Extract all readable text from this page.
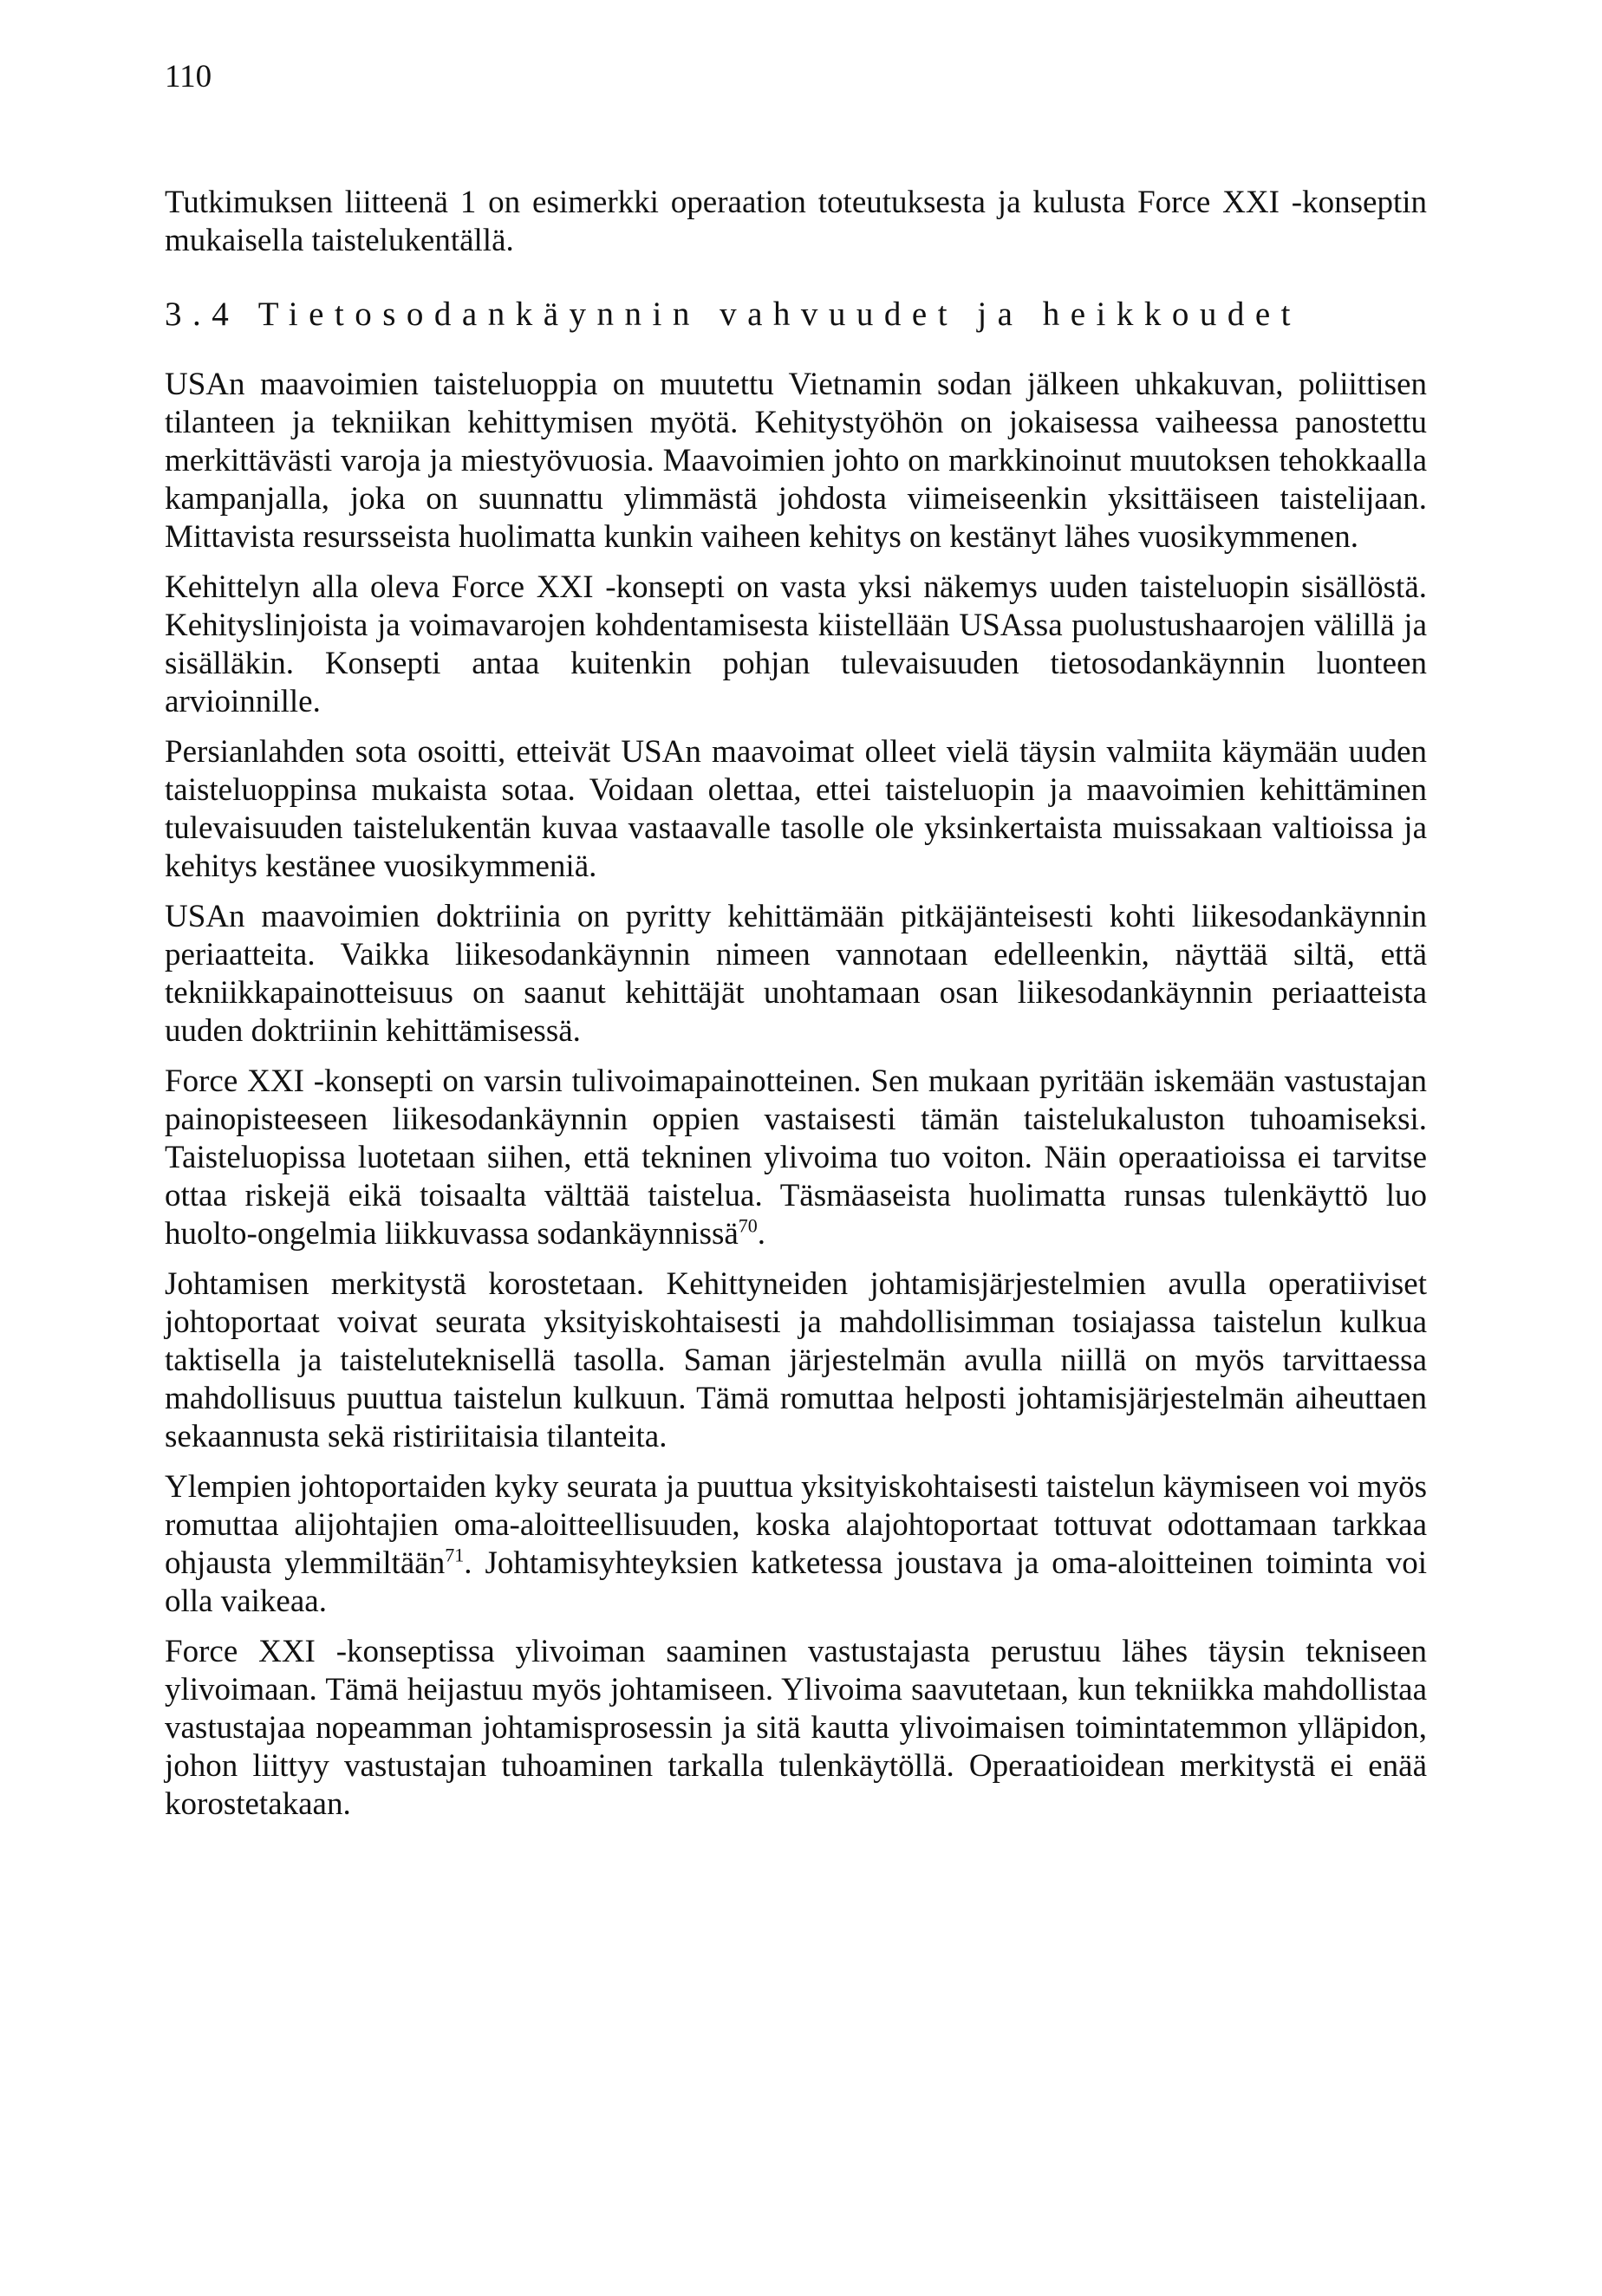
110

Tutkimuksen liitteenä 1 on esimerkki operaation toteutuksesta ja kulusta Force XXI -konseptin mukaisella taistelukentällä.

3.4 Tietosodankäynnin vahvuudet ja heikkoudet

USAn maavoimien taisteluoppia on muutettu Vietnamin sodan jälkeen uhkakuvan, poliittisen tilanteen ja tekniikan kehittymisen myötä. Kehitystyöhön on jokaisessa vaiheessa panostettu merkittävästi varoja ja miestyövuosia. Maavoimien johto on markkinoinut muutoksen tehokkaalla kampanjalla, joka on suunnattu ylimmästä johdosta viimeiseenkin yksittäiseen taistelijaan. Mittavista resursseista huolimatta kunkin vaiheen kehitys on kestänyt lähes vuosikymmenen.

Kehittelyn alla oleva Force XXI -konsepti on vasta yksi näkemys uuden taisteluopin sisällöstä. Kehityslinjoista ja voimavarojen kohdentamisesta kiistellään USAssa puolustushaarojen välillä ja sisälläkin. Konsepti antaa kuitenkin pohjan tulevaisuuden tietosodankäynnin luonteen arvioinnille.

Persianlahden sota osoitti, etteivät USAn maavoimat olleet vielä täysin valmiita käymään uuden taisteluoppinsa mukaista sotaa. Voidaan olettaa, ettei taisteluopin ja maavoimien kehittäminen tulevaisuuden taistelukentän kuvaa vastaavalle tasolle ole yksinkertaista muissakaan valtioissa ja kehitys kestänee vuosikymmeniä.

USAn maavoimien doktriinia on pyritty kehittämään pitkäjänteisesti kohti liikesodankäynnin periaatteita. Vaikka liikesodankäynnin nimeen vannotaan edelleenkin, näyttää siltä, että tekniikkapainotteisuus on saanut kehittäjät unohtamaan osan liikesodankäynnin periaatteista uuden doktriinin kehittämisessä.

Force XXI -konsepti on varsin tulivoimapainotteinen. Sen mukaan pyritään iskemään vastustajan painopisteeseen liikesodankäynnin oppien vastaisesti tämän taistelukaluston tuhoamiseksi. Taisteluopissa luotetaan siihen, että tekninen ylivoima tuo voiton. Näin operaatioissa ei tarvitse ottaa riskejä eikä toisaalta välttää taistelua. Täsmäaseista huolimatta runsas tulenkäyttö luo huolto-ongelmia liikkuvassa sodankäynnissä$^{70}$.

Johtamisen merkitystä korostetaan. Kehittyneiden johtamisjärjestelmien avulla operatiiviset johtoportaat voivat seurata yksityiskohtaisesti ja mahdollisimman tosiajassa taistelun kulkua taktisella ja taisteluteknisellä tasolla. Saman järjestelmän avulla niillä on myös tarvittaessa mahdollisuus puuttua taistelun kulkuun. Tämä romuttaa helposti johtamisjärjestelmän aiheuttaen sekaannusta sekä ristiriitaisia tilanteita.

Ylempien johtoportaiden kyky seurata ja puuttua yksityiskohtaisesti taistelun käymiseen voi myös romuttaa alijohtajien oma-aloitteellisuuden, koska alajohtoportaat tottuvat odottamaan tarkkaa ohjausta ylemmiltään$^{71}$. Johtamisyhteyksien katketessa joustava ja oma-aloitteinen toiminta voi olla vaikeaa.

Force XXI -konseptissa ylivoiman saaminen vastustajasta perustuu lähes täysin tekniseen ylivoimaan. Tämä heijastuu myös johtamiseen. Ylivoima saavutetaan, kun tekniikka mahdollistaa vastustajaa nopeamman johtamisprosessin ja sitä kautta ylivoimaisen toimintatemmon ylläpidon, johon liittyy vastustajan tuhoaminen tarkalla tulenkäytöllä. Operaatioidean merkitystä ei enää korostetakaan.
